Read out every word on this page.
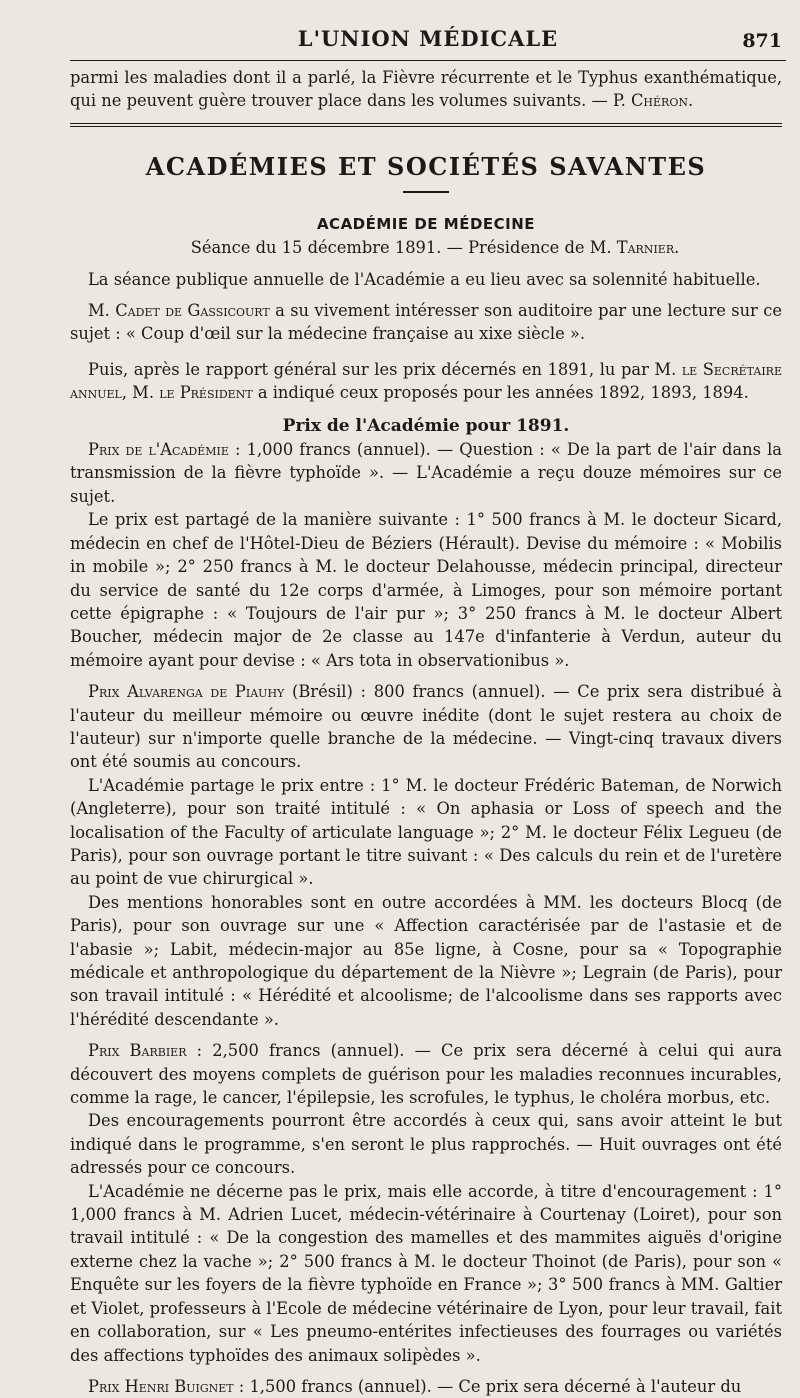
L'UNION MÉDICALE	871

parmi les maladies dont il a parlé, la Fièvre récurrente et le Typhus exanthématique, qui ne peuvent guère trouver place dans les volumes suivants. — P. Chéron.

ACADÉMIES ET SOCIÉTÉS SAVANTES
ACADÉMIE DE MÉDECINE

Séance du 15 décembre 1891. — Présidence de M. Tarnier.

La séance publique annuelle de l'Académie a eu lieu avec sa solennité habituelle.

M. Cadet de Gassicourt a su vivement intéresser son auditoire par une lecture sur ce sujet : « Coup d'œil sur la médecine française au xixe siècle ».

Puis, après le rapport général sur les prix décernés en 1891, lu par M. le Secrétaire annuel, M. le Président a indiqué ceux proposés pour les années 1892, 1893, 1894.

Prix de l'Académie pour 1891.

Prix de l'Académie : 1,000 francs (annuel). — Question : « De la part de l'air dans la transmission de la fièvre typhoïde ». — L'Académie a reçu douze mémoires sur ce sujet.

Le prix est partagé de la manière suivante : 1° 500 francs à M. le docteur Sicard, médecin en chef de l'Hôtel-Dieu de Béziers (Hérault). Devise du mémoire : « Mobilis in mobile »; 2° 250 francs à M. le docteur Delahousse, médecin principal, directeur du service de santé du 12e corps d'armée, à Limoges, pour son mémoire portant cette épigraphe : « Toujours de l'air pur »; 3° 250 francs à M. le docteur Albert Boucher, médecin major de 2e classe au 147e d'infanterie à Verdun, auteur du mémoire ayant pour devise : « Ars tota in observationibus ».

Prix Alvarenga de Piauhy (Brésil) : 800 francs (annuel). — Ce prix sera distribué à l'auteur du meilleur mémoire ou œuvre inédite (dont le sujet restera au choix de l'auteur) sur n'importe quelle branche de la médecine. — Vingt-cinq travaux divers ont été soumis au concours.

L'Académie partage le prix entre : 1° M. le docteur Frédéric Bateman, de Norwich (Angleterre), pour son traité intitulé : « On aphasia or Loss of speech and the localisation of the Faculty of articulate language »; 2° M. le docteur Félix Legueu (de Paris), pour son ouvrage portant le titre suivant : « Des calculs du rein et de l'uretère au point de vue chirurgical ».

Des mentions honorables sont en outre accordées à MM. les docteurs Blocq (de Paris), pour son ouvrage sur une « Affection caractérisée par de l'astasie et de l'abasie »; Labit, médecin-major au 85e ligne, à Cosne, pour sa « Topographie médicale et anthropologique du département de la Nièvre »; Legrain (de Paris), pour son travail intitulé : « Hérédité et alcoolisme; de l'alcoolisme dans ses rapports avec l'hérédité descendante ».

Prix Barbier : 2,500 francs (annuel). — Ce prix sera décerné à celui qui aura découvert des moyens complets de guérison pour les maladies reconnues incurables, comme la rage, le cancer, l'épilepsie, les scrofules, le typhus, le choléra morbus, etc.

Des encouragements pourront être accordés à ceux qui, sans avoir atteint le but indiqué dans le programme, s'en seront le plus rapprochés. — Huit ouvrages ont été adressés pour ce concours.

L'Académie ne décerne pas le prix, mais elle accorde, à titre d'encouragement : 1° 1,000 francs à M. Adrien Lucet, médecin-vétérinaire à Courtenay (Loiret), pour son travail intitulé : « De la congestion des mamelles et des mammites aiguës d'origine externe chez la vache »; 2° 500 francs à M. le docteur Thoinot (de Paris), pour son « Enquête sur les foyers de la fièvre typhoïde en France »; 3° 500 francs à MM. Galtier et Violet, professeurs à l'Ecole de médecine vétérinaire de Lyon, pour leur travail, fait en collaboration, sur « Les pneumo-entérites infectieuses des fourrages ou variétés des affections typhoïdes des animaux solipèdes ».

Prix Henri Buignet : 1,500 francs (annuel). — Ce prix sera décerné à l'auteur du
